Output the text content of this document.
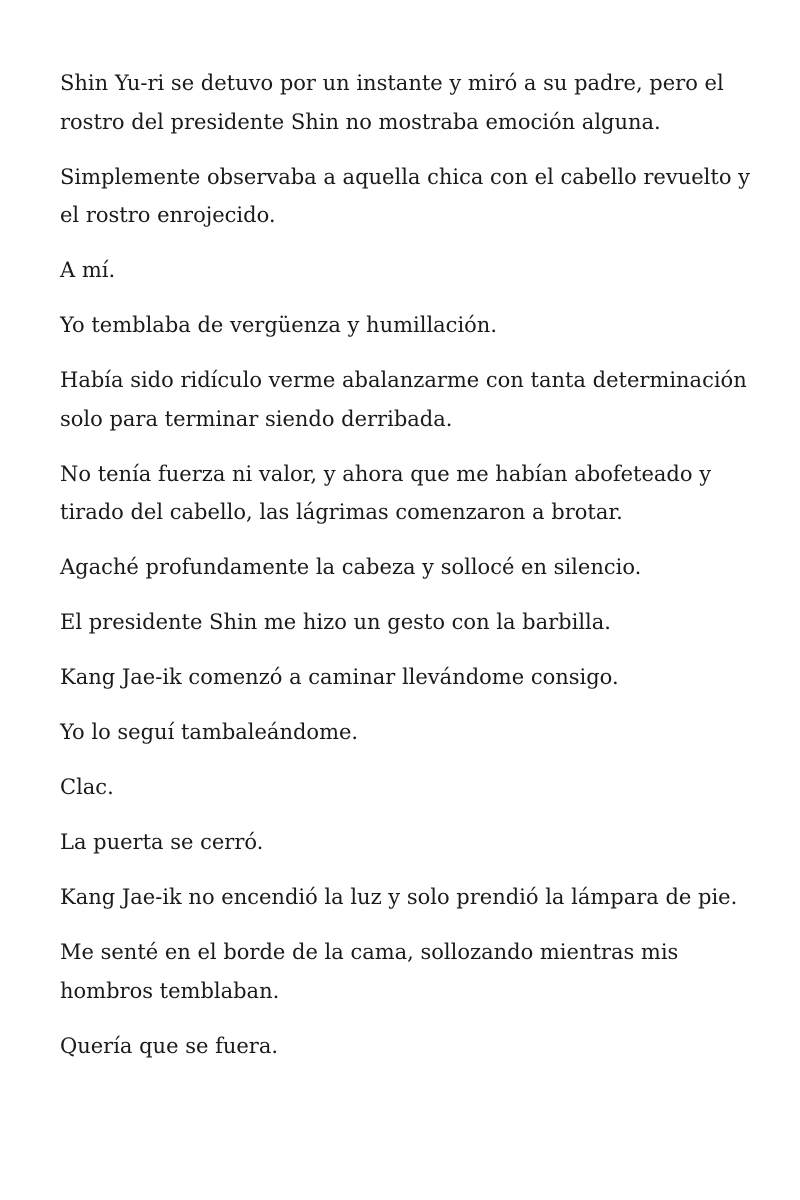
Shin Yu-ri se detuvo por un instante y miró a su padre, pero el rostro del presidente Shin no mostraba emoción alguna.

Simplemente observaba a aquella chica con el cabello revuelto y el rostro enrojecido.

A mí.

Yo temblaba de vergüenza y humillación.

Había sido ridículo verme abalanzarme con tanta determinación solo para terminar siendo derribada.

No tenía fuerza ni valor, y ahora que me habían abofeteado y tirado del cabello, las lágrimas comenzaron a brotar.

Agaché profundamente la cabeza y sollocé en silencio.

El presidente Shin me hizo un gesto con la barbilla.

Kang Jae-ik comenzó a caminar llevándome consigo.

Yo lo seguí tambaleándome.

Clac.

La puerta se cerró.

Kang Jae-ik no encendió la luz y solo prendió la lámpara de pie.

Me senté en el borde de la cama, sollozando mientras mis hombros temblaban.

Quería que se fuera.
